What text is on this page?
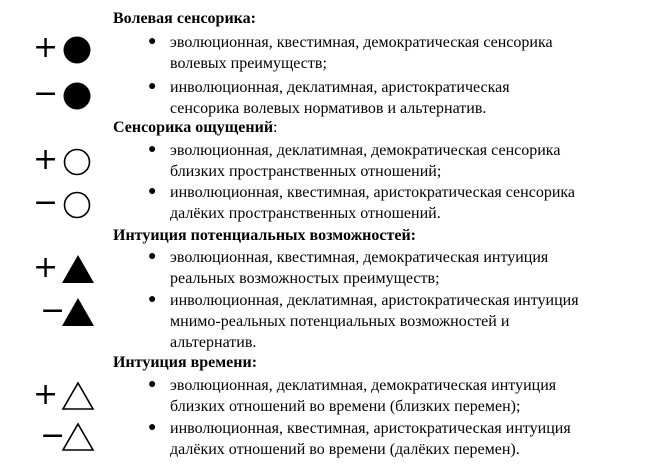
Волевая сенсорика:
+	● эволюционная, квестимная, демократическая сенсорика
волевых преимуществ;
−	● инволюционная, деклатимная, аристократическая
сенсорика волевых нормативов и альтернатив.
Сенсорика ощущений:
+	● эволюционная, деклатимная, демократическая сенсорика
близких пространственных отношений;
−	● инволюционная, квестимная, аристократическая сенсорика
далёких пространственных отношений.
Интуиция потенциальных возможностей:
+	● эволюционная, квестимная, демократическая интуиция
реальных возможностых преимуществ;
−	● инволюционная, деклатимная, аристократическая интуиция
мнимо-реальных потенциальных возможностей и
альтернатив.
Интуиция времени:
+	● эволюционная, деклатимная, демократическая интуиция
близких отношений во времени (близких перемен);
−	● инволюционная, квестимная, аристократическая интуиция
далёких отношений во времени (далёких перемен).
